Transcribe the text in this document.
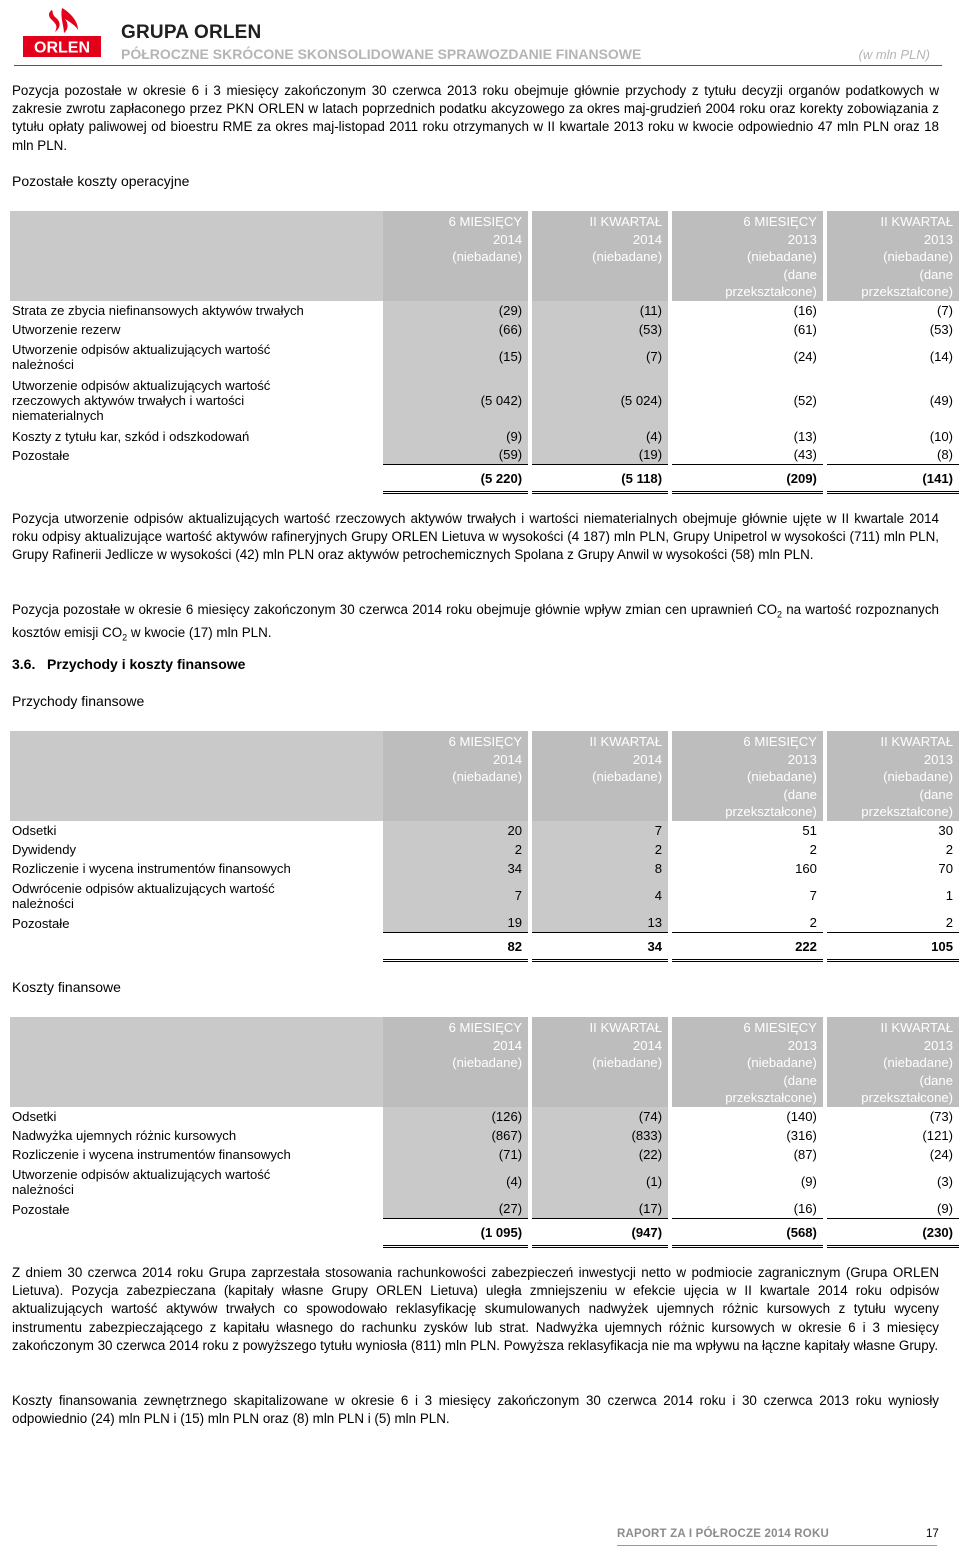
ORLEN
GRUPA ORLEN
PÓŁROCZNE SKRÓCONE SKONSOLIDOWANE SPRAWOZDANIE FINANSOWE	(w mln PLN)

Pozycja pozostałe w okresie 6 i 3 miesięcy zakończonym 30 czerwca 2013 roku obejmuje głównie przychody z tytułu decyzji organów podatkowych w zakresie zwrotu zapłaconego przez PKN ORLEN w latach poprzednich podatku akcyzowego za okres maj-grudzień 2004 roku oraz korekty zobowiązania z tytułu opłaty paliwowej od bioestru RME za okres maj-listopad 2011 roku otrzymanych w II kwartale 2013 roku w kwocie odpowiednio 47 mln PLN oraz 18 mln PLN.

Pozostałe koszty operacyjne
	6 MIESIĘCY
2014
(niebadane)		II KWARTAŁ
2014
(niebadane)		6 MIESIĘCY
2013
(niebadane)
(dane
przekształcone)		II KWARTAŁ
2013
(niebadane)
(dane
przekształcone)
Strata ze zbycia niefinansowych aktywów trwałych	(29)		(11)		(16)		(7)
Utworzenie rezerw	(66)		(53)		(61)		(53)
Utworzenie odpisów aktualizujących wartość należności	(15)		(7)		(24)		(14)
Utworzenie odpisów aktualizujących wartość rzeczowych aktywów trwałych i wartości niematerialnych	(5 042)		(5 024)		(52)		(49)
Koszty z tytułu kar, szkód i odszkodowań	(9)		(4)		(13)		(10)
Pozostałe	(59)		(19)		(43)		(8)
	(5 220)		(5 118)		(209)		(141)

Pozycja utworzenie odpisów aktualizujących wartość rzeczowych aktywów trwałych i wartości niematerialnych obejmuje głównie ujęte w II kwartale 2014 roku odpisy aktualizujące wartość aktywów rafineryjnych Grupy ORLEN Lietuva w wysokości (4 187) mln PLN, Grupy Unipetrol w wysokości (711) mln PLN, Grupy Rafinerii Jedlicze w wysokości (42) mln PLN oraz aktywów petrochemicznych Spolana z Grupy Anwil w wysokości (58) mln PLN.

Pozycja pozostałe w okresie 6 miesięcy zakończonym 30 czerwca 2014 roku obejmuje głównie wpływ zmian cen uprawnień $CO_2$ na wartość rozpoznanych kosztów emisji $CO_2$ w kwocie (17) mln PLN.

3.6. Przychody i koszty finansowe
Przychody finansowe
	6 MIESIĘCY
2014
(niebadane)		II KWARTAŁ
2014
(niebadane)		6 MIESIĘCY
2013
(niebadane)
(dane
przekształcone)		II KWARTAŁ
2013
(niebadane)
(dane
przekształcone)
Odsetki	20		7		51		30
Dywidendy	2		2		2		2
Rozliczenie i wycena instrumentów finansowych	34		8		160		70
Odwrócenie odpisów aktualizujących wartość należności	7		4		7		1
Pozostałe	19		13		2		2
	82		34		222		105
Koszty finansowe
	6 MIESIĘCY
2014
(niebadane)		II KWARTAŁ
2014
(niebadane)		6 MIESIĘCY
2013
(niebadane)
(dane
przekształcone)		II KWARTAŁ
2013
(niebadane)
(dane
przekształcone)
Odsetki	(126)		(74)		(140)		(73)
Nadwyżka ujemnych różnic kursowych	(867)		(833)		(316)		(121)
Rozliczenie i wycena instrumentów finansowych	(71)		(22)		(87)		(24)
Utworzenie odpisów aktualizujących wartość należności	(4)		(1)		(9)		(3)
Pozostałe	(27)		(17)		(16)		(9)
	(1 095)		(947)		(568)		(230)

Z dniem 30 czerwca 2014 roku Grupa zaprzestała stosowania rachunkowości zabezpieczeń inwestycji netto w podmiocie zagranicznym (Grupa ORLEN Lietuva). Pozycja zabezpieczana (kapitały własne Grupy ORLEN Lietuva) uległa zmniejszeniu w efekcie ujęcia w II kwartale 2014 roku odpisów aktualizujących wartość aktywów trwałych co spowodowało reklasyfikację skumulowanych nadwyżek ujemnych różnic kursowych z tytułu wyceny instrumentu zabezpieczającego z kapitału własnego do rachunku zysków lub strat. Nadwyżka ujemnych różnic kursowych w okresie 6 i 3 miesięcy zakończonym 30 czerwca 2014 roku z powyższego tytułu wyniosła (811) mln PLN. Powyższa reklasyfikacja nie ma wpływu na łączne kapitały własne Grupy.

Koszty finansowania zewnętrznego skapitalizowane w okresie 6 i 3 miesięcy zakończonym 30 czerwca 2014 roku i 30 czerwca 2013 roku wyniosły odpowiednio (24) mln PLN i (15) mln PLN oraz (8) mln PLN i (5) mln PLN.

RAPORT ZA I PÓŁROCZE 2014 ROKU	17
